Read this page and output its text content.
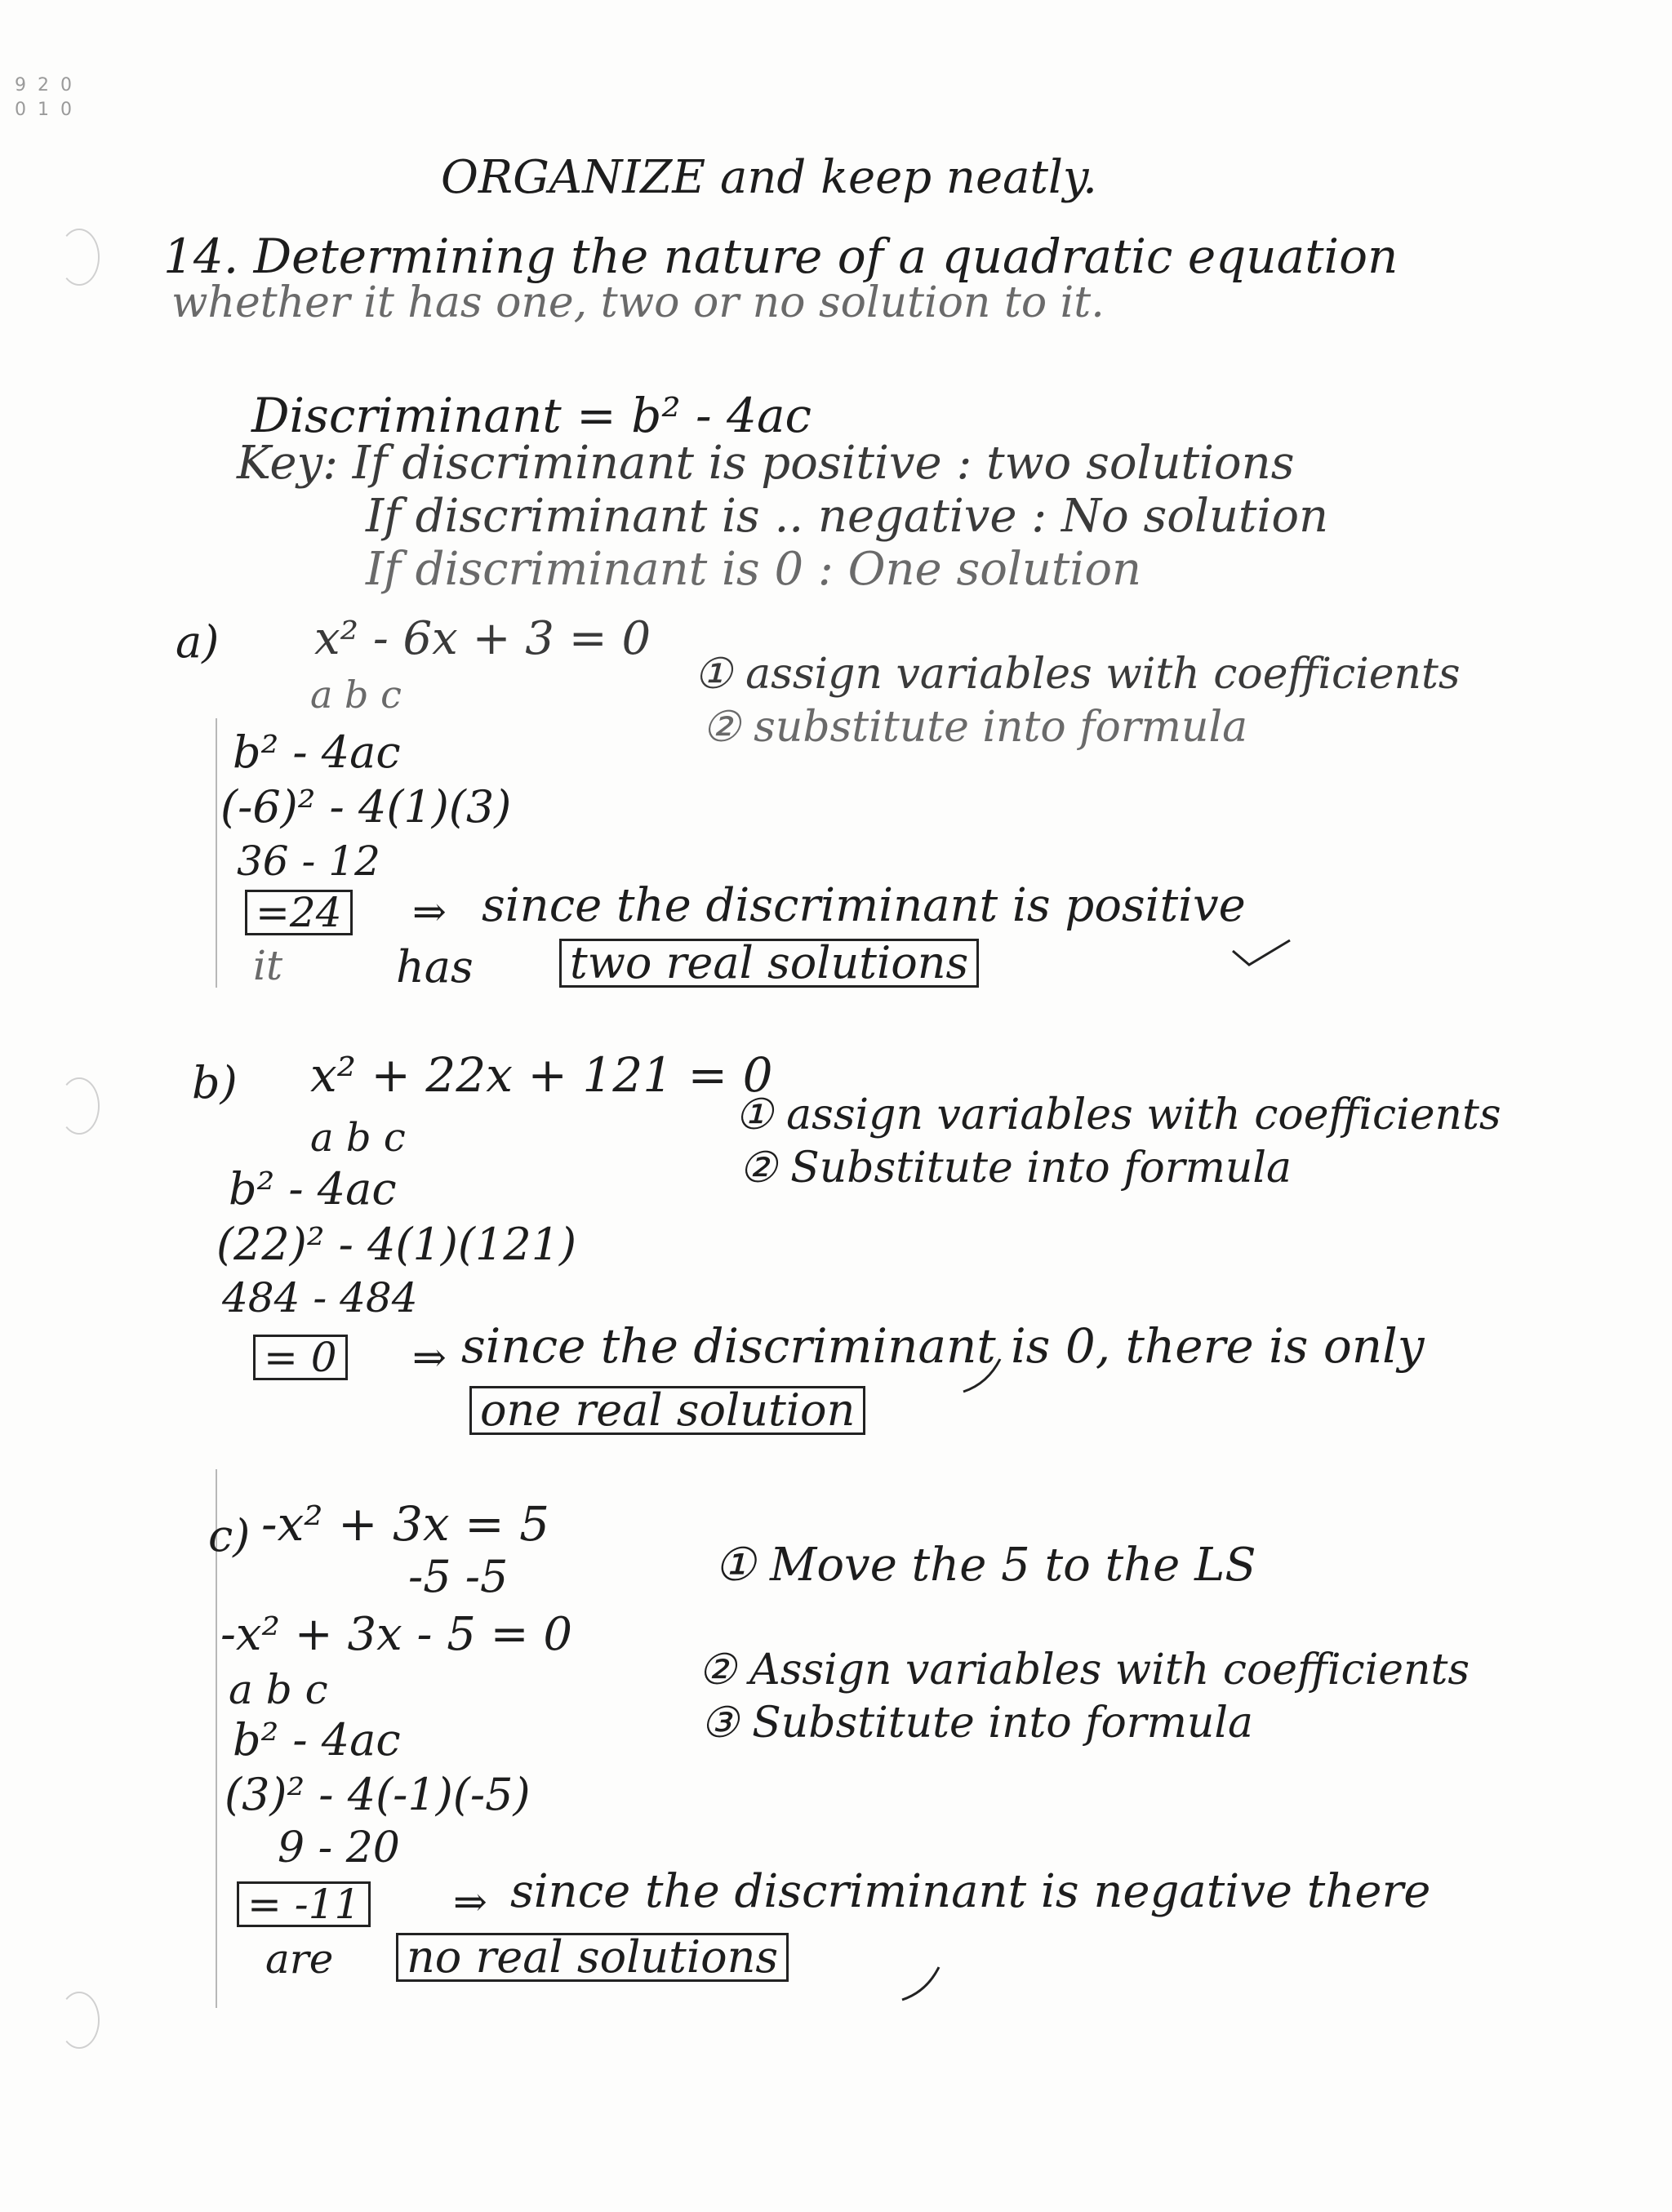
9  2  0
0  1  0
ORGANIZE and keep neatly.
14. Determining the nature of a quadratic equation
whether it has one, two or no solution to it.
Discriminant = b² - 4ac
Key: If discriminant is positive : two solutions
If discriminant is .. negative : No solution
If discriminant is 0 : One solution
a) x² - 6x + 3 = 0
a b c	① assign variables with coefficients
② substitute into formula
b² - 4ac
(-6)² - 4(1)(3)
36 - 12
=24 ⇒ since the discriminant is positive
it	has two real solutions
b) x² + 22x + 121 = 0
a b c	① assign variables with coefficients
② Substitute into formula
b² - 4ac
(22)² - 4(1)(121)
484 - 484
= 0 ⇒ since the discriminant is 0, there is only
one real solution
c) -x² + 3x = 5
-5 -5	① Move the 5 to the LS
-x² + 3x - 5 = 0
a b c	② Assign variables with coefficients
③ Substitute into formula
b² - 4ac
(3)² - 4(-1)(-5)
9 - 20
= -11 ⇒ since the discriminant is negative there
are no real solutions
